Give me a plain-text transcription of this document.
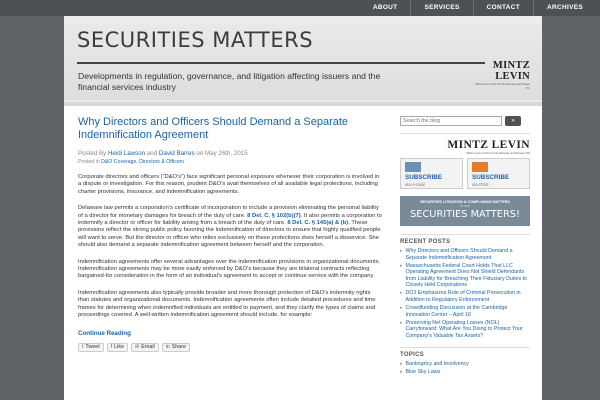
ABOUT	SERVICES	CONTACT	ARCHIVES
SECURITIES MATTERS
Developments in regulation, governance, and litigation affecting issuers and the financial services industry
MINTZ LEVIN
Mintz Levin Cohn Ferris Glovsky and Popeo PC
Why Directors and Officers Should Demand a Separate Indemnification Agreement
Posted By Heidi Lawson and David Barres on May 26th, 2015
Posted in D&O Coverage, Directors & Officers

Corporate directors and officers (“D&O’s”) face significant personal exposure whenever their corporation is involved in a dispute or investigation. For this reason, prudent D&O’s avail themselves of all available legal protections, including charter provisions, insurance, and indemnification agreements.

Delaware law permits a corporation’s certificate of incorporation to include a provision eliminating the personal liability of a director for monetary damages for breach of the duty of care. 8 Del. C. § 102(b)(7). It also permits a corporation to indemnify a director or officer for liability arising from a breach of the duty of care. 8 Del. C. § 145(a) & (b). These provisions reflect the strong public policy favoring the indemnification of directors to ensure that highly qualified people will want to serve. But the director or officer who relies exclusively on these protections does herself a disservice. She should also demand a separate indemnification agreement between herself and the corporation.

Indemnification agreements offer several advantages over the indemnification provisions in organizational documents. Indemnification agreements may be more easily enforced by D&O’s because they are bilateral contracts reflecting bargained-for consideration in the form of an individual’s agreement to accept or continue service with the company.

Indemnification agreements also typically provide broader and more thorough protection of D&O’s indemnity rights than statutes and organizational documents. Indemnification agreements often include detailed procedures and time frames for determining when indemnified individuals are entitled to payment, and they clarify the types of claims and proceedings covered. A well-written indemnification agreement should include, for example:

Continue Reading
t Tweet f Like ✉ Email in Share
Search the blog
»
MINTZ LEVIN
Mintz Levin Cohn Ferris Glovsky and Popeo PC
SUBSCRIBE
via e-mail
SUBSCRIBE
via RSS
SECURITIES LITIGATION & COMPLIANCE MATTERS
is now
SECURITIES MATTERS!
RECENT POSTS
▸ Why Directors and Officers Should Demand a Separate Indemnification Agreement
▸ Massachusetts Federal Court Holds That LLC Operating Agreement Does Not Shield Defendants from Liability for Breaching Their Fiduciary Duties to Closely Held Corporations
▸ DOJ Emphasizes Role of Criminal Prosecution in Addition to Regulatory Enforcement
▸ Crowdfunding Discussion at the Cambridge Innovation Center – April 16
▸ Preserving Net Operating Losses (NOL) Carryforward: What Are You Doing to Protect Your Company’s Valuable Tax Assets?
TOPICS
▸ Bankruptcy and Insolvency
▸ Blue Sky Laws
